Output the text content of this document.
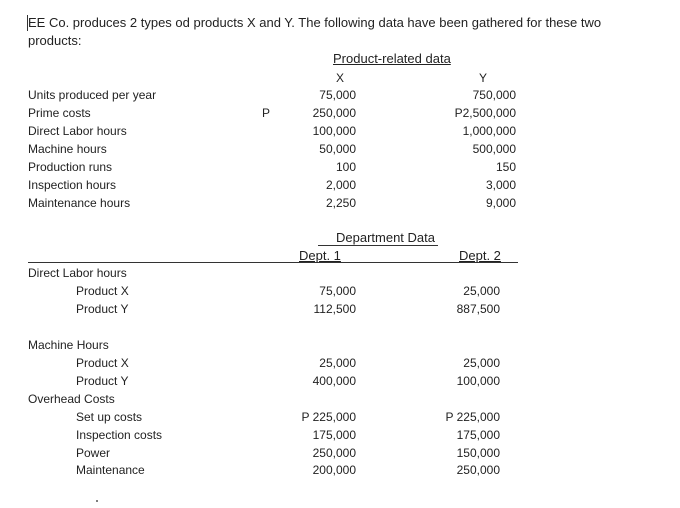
EE Co. produces 2 types od products X and Y. The following data have been gathered for these two
products:
Product-related data
X	Y
Units produced per year	75,000	750,000
Prime costs	P	250,000	P2,500,000
Direct Labor hours	100,000	1,000,000
Machine hours	50,000	500,000
Production runs	100	150
Inspection hours	2,000	3,000
Maintenance hours	2,250	9,000
Department Data
Dept. 1	Dept. 2
Direct Labor hours
Product X	75,000	25,000
Product Y	112,500	887,500
Machine Hours
Product X	25,000	25,000
Product Y	400,000	100,000
Overhead Costs
Set up costs	P 225,000	P 225,000
Inspection costs	175,000	175,000
Power	250,000	150,000
Maintenance	200,000	250,000
